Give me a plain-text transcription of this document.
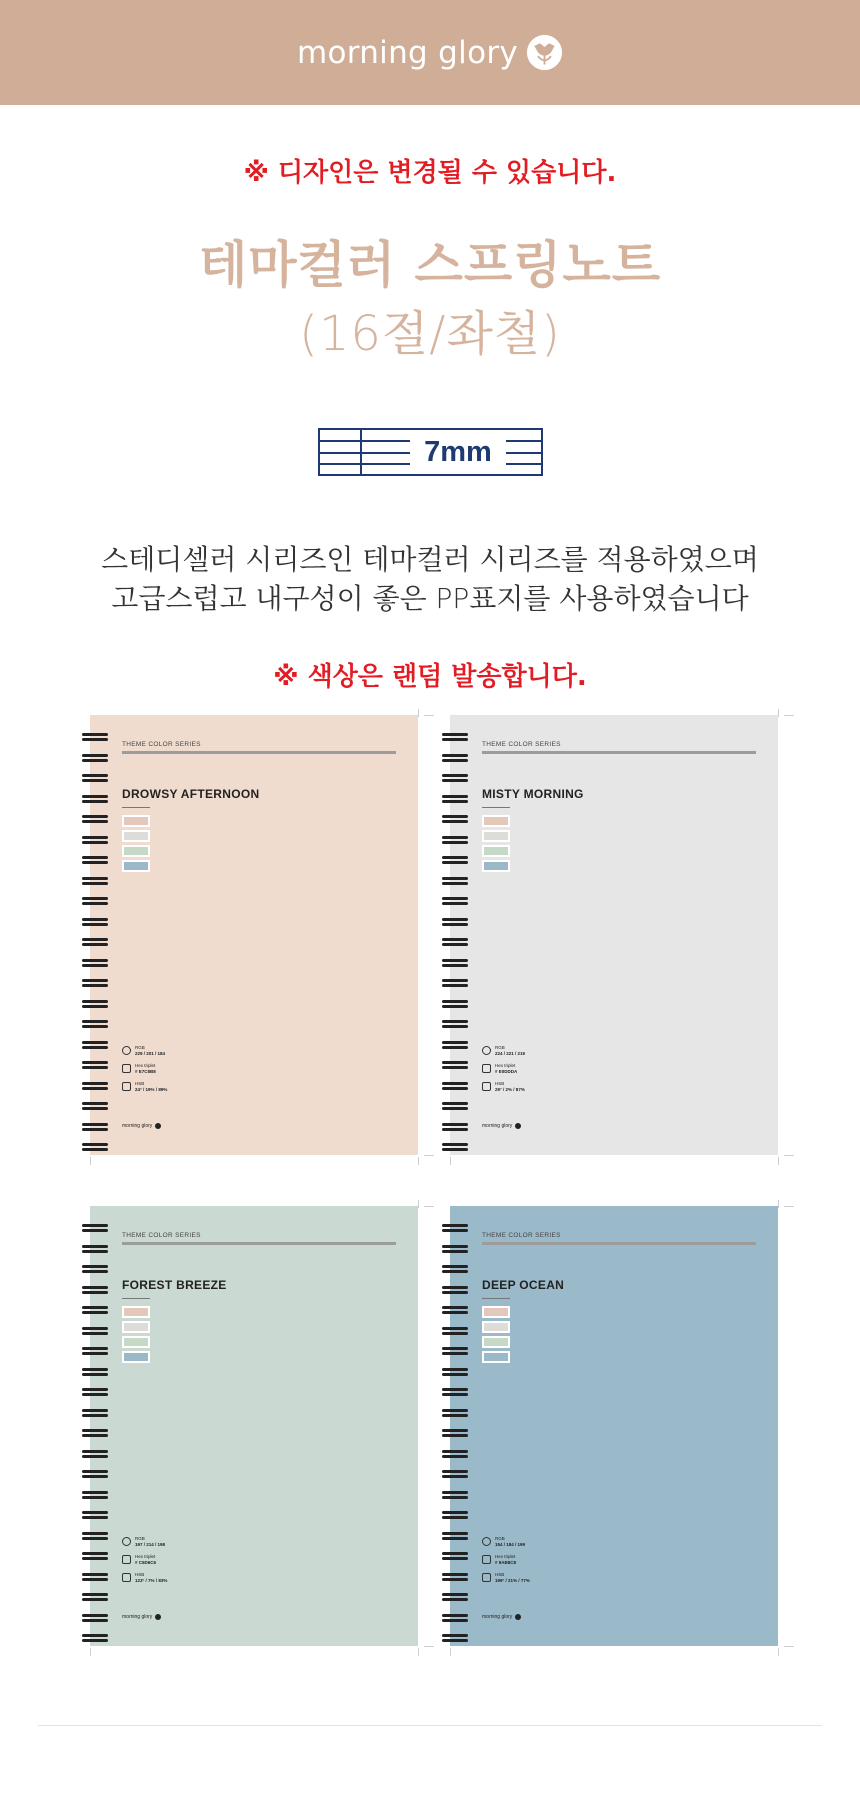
morning glory
※ 디자인은 변경될 수 있습니다.
테마컬러 스프링노트
(16절/좌철)
7mm
스테디셀러 시리즈인 테마컬러 시리즈를 적용하였으며
고급스럽고 내구성이 좋은 PP표지를 사용하였습니다
※ 색상은 랜덤 발송합니다.
THEME COLOR SERIES
DROWSY AFTERNOON
RGB
229 / 201 / 184
Hex triplet
# E7C8B8
HSB
24° / 19% / 89%
morning glory
THEME COLOR SERIES
MISTY MORNING
RGB
224 / 221 / 219
Hex triplet
# E0DDDA
HSB
29° / 2% / 87%
morning glory
THEME COLOR SERIES
FOREST BREEZE
RGB
197 / 214 / 198
Hex triplet
# C5D6C6
HSB
123° / 7% / 83%
morning glory
THEME COLOR SERIES
DEEP OCEAN
RGB
154 / 184 / 199
Hex triplet
# 9AB8C8
HSB
199° / 21% / 77%
morning glory
